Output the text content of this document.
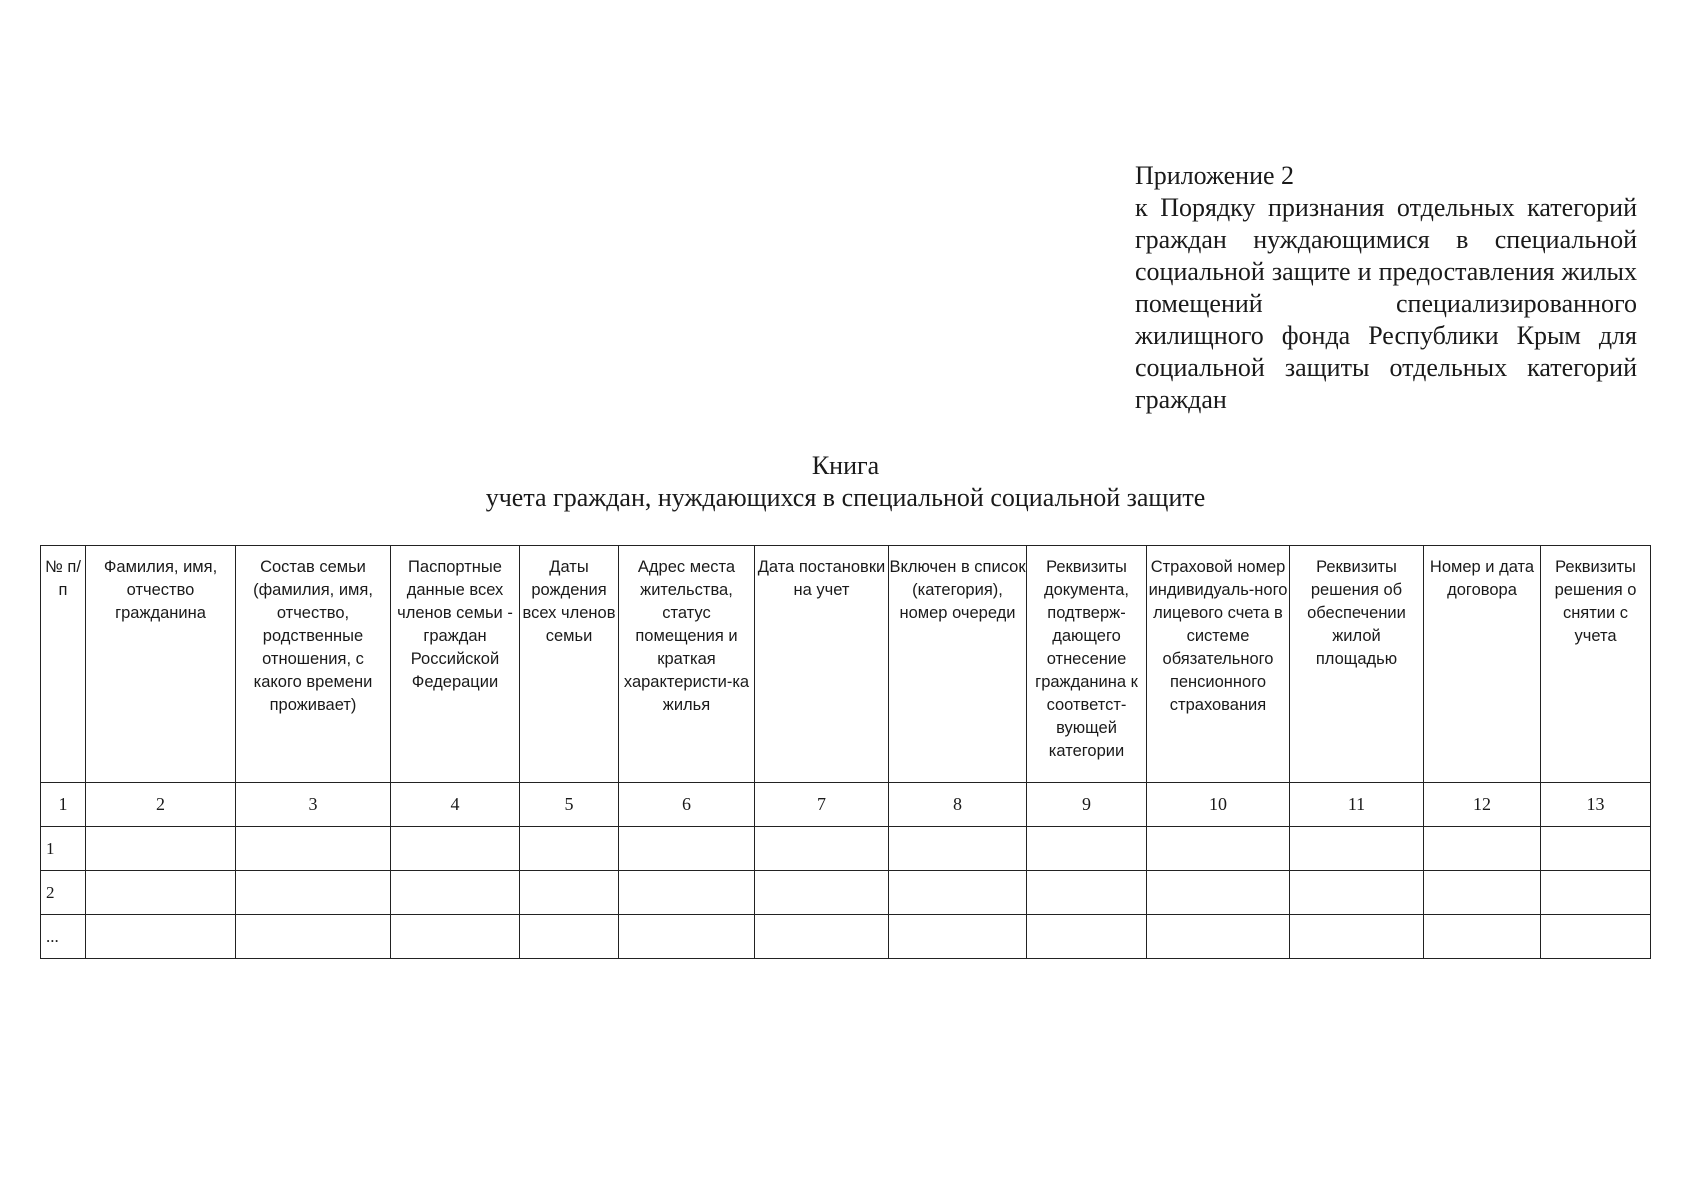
Приложение 2
к Порядку признания отдельных категорий граждан нуждающимися в специальной социальной защите и предоставления жилых помещений специализированного жилищного фонда Республики Крым для социальной защиты отдельных категорий граждан
Книга
учета граждан, нуждающихся в специальной социальной защите
№ п/п	Фамилия, имя, отчество гражданина	Состав семьи (фамилия, имя, отчество, родственные отношения, с какого времени проживает)	Паспортные данные всех членов семьи - граждан Российской Федерации	Даты рождения всех членов семьи	Адрес места жительства, статус помещения и краткая характеристи-ка жилья	Дата постановки на учет	Включен в список (категория), номер очереди	Реквизиты документа, подтверж-дающего отнесение гражданина к соответст-вующей категории	Страховой номер индивидуаль-ного лицевого счета в системе обязательного пенсионного страхования	Реквизиты решения об обеспечении жилой площадью	Номер и дата договора	Реквизиты решения о снятии с учета
1	2	3	4	5	6	7	8	9	10	11	12	13
1												
2												
...												
